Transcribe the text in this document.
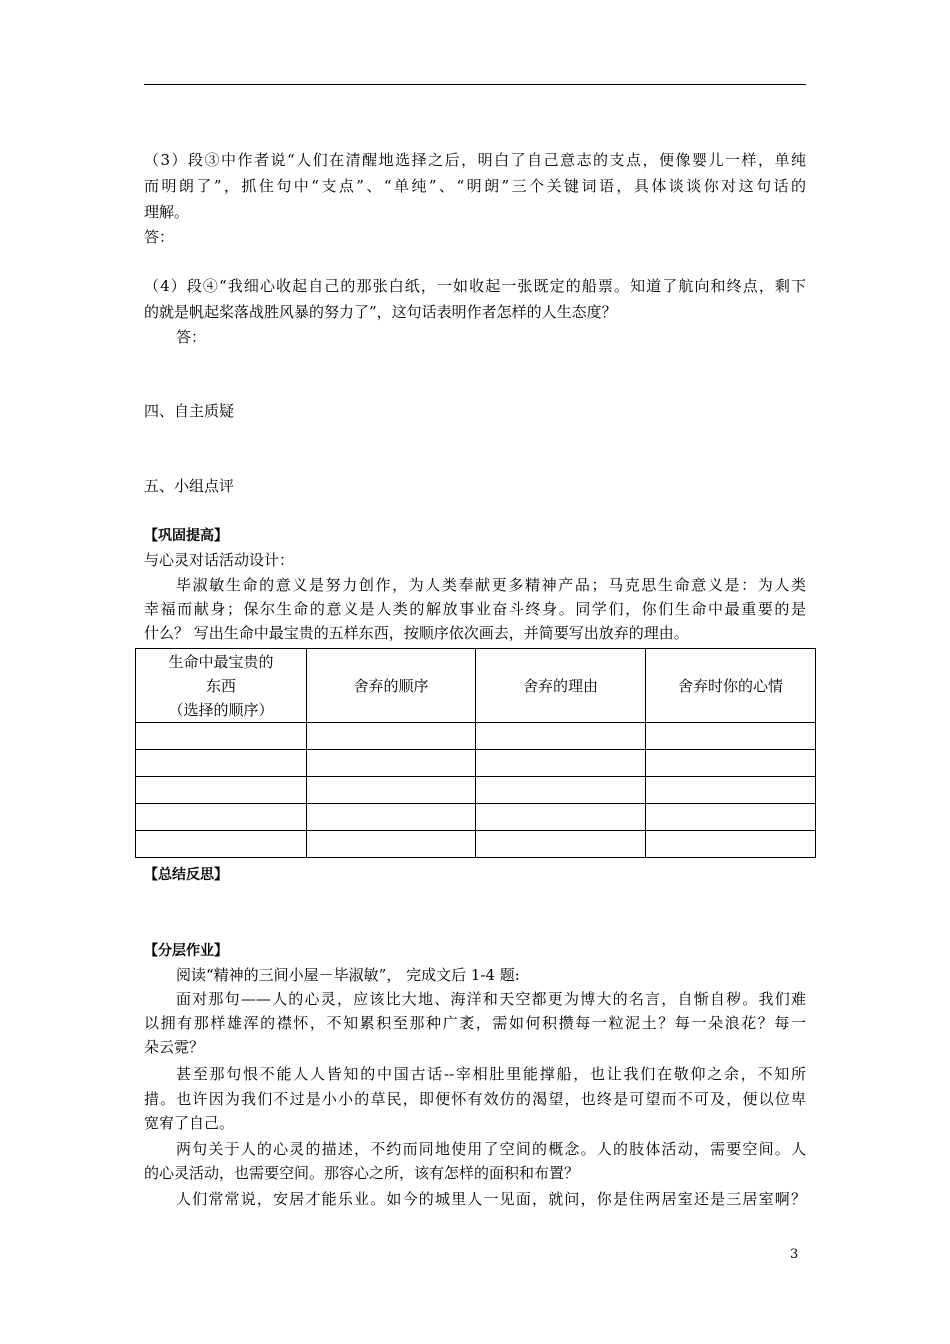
（3）段③中作者说“人们在清醒地选择之后，明白了自己意志的支点，便像婴儿一样，单纯
而明朗了”，抓住句中“支点”、“单纯”、“明朗”三个关键词语，具体谈谈你对这句话的
理解。
答：
（4）段④“我细心收起自己的那张白纸，一如收起一张既定的船票。知道了航向和终点，剩下
的就是帆起桨落战胜风暴的努力了”，这句话表明作者怎样的人生态度？
答：
四、自主质疑
五、小组点评
【巩固提高】
与心灵对话活动设计：
毕淑敏生命的意义是努力创作，为人类奉献更多精神产品；马克思生命意义是：为人类
幸福而献身；保尔生命的意义是人类的解放事业奋斗终身。同学们，你们生命中最重要的是
什么？ 写出生命中最宝贵的五样东西，按顺序依次画去，并简要写出放弃的理由。
生命中最宝贵的
东西
（选择的顺序）	舍弃的顺序	舍弃的理由	舍弃时你的心情

【总结反思】
【分层作业】
阅读“精神的三间小屋－毕淑敏”， 完成文后 1-4 题:
面对那句——人的心灵，应该比大地、海洋和天空都更为博大的名言，自惭自秽。我们难
以拥有那样雄浑的襟怀，不知累积至那种广袤，需如何积攒每一粒泥土？每一朵浪花？每一
朵云霓？
甚至那句恨不能人人皆知的中国古话--宰相肚里能撑船，也让我们在敬仰之余，不知所
措。也许因为我们不过是小小的草民，即便怀有效仿的渴望，也终是可望而不可及，便以位卑
宽宥了自己。
两句关于人的心灵的描述，不约而同地使用了空间的概念。人的肢体活动，需要空间。人
的心灵活动，也需要空间。那容心之所，该有怎样的面积和布置？
人们常常说，安居才能乐业。如今的城里人一见面，就问，你是住两居室还是三居室啊？
3
